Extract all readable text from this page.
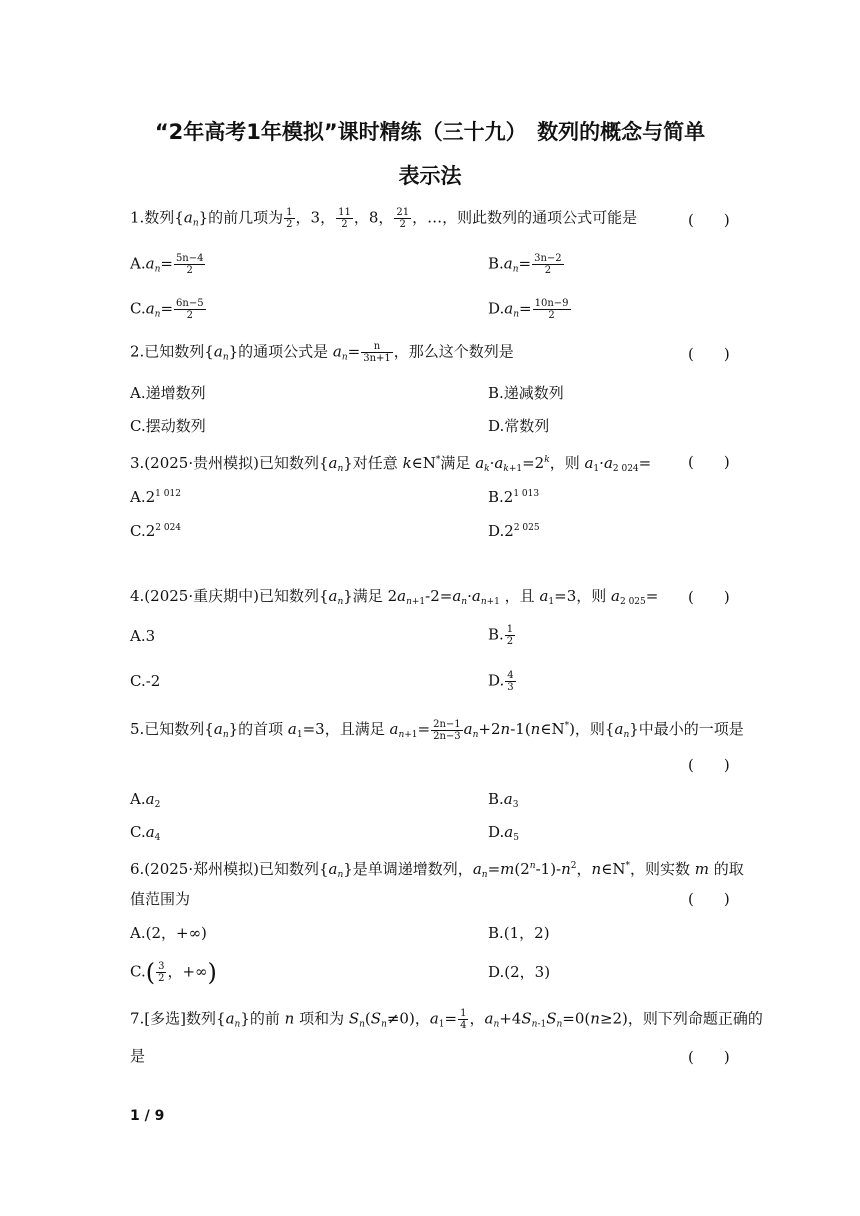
“2年高考1年模拟”课时精练（三十九）　数列的概念与简单
表示法
1.数列$\{a_n\}$的前几项为 $\frac{1}{2}$ ，3， $\frac{11}{2}$ ，8， $\frac{21}{2}$ ，…，则此数列的通项公式可能是	(　　)
$A.a_n= \frac{5n-4}{2}$	$B.a_n= \frac{3n-2}{2}$
$C.a_n= \frac{6n-5}{2}$	$D.a_n= \frac{10n-9}{2}$
2.已知数列$\{a_n\}$的通项公式是 $a_n= \frac{n}{3n+1}$ ，那么这个数列是	(　　)
A.递增数列	B.递减数列
C.摆动数列	D.常数列
3.(2025·贵州模拟)已知数列$\{a_n\}$对任意 k∈N*满足 $a_k\cdot a_{k+1}=2^k$，则 $a_1\cdot a_{2 024}=$ (　　)
$A.2^{1 012}$	$B.2^{1 013}$
$C.2^{2 024}$	$D.2^{2 025}$
4.(2025·重庆期中)已知数列$\{a_n\}$满足 $2a_{n+1}-2=a_n\cdot a_{n+1}$ ，且 $a_1=3$，则 $a_{2 025}=$ (　　)
A.3	B. $\frac{1}{2}$
C.-2	D. $\frac{4}{3}$
5.已知数列$\{a_n\}$的首项 $a_1=3$，且满足 $a_{n+1}= \frac{2n-1}{2n-3}$ $a_n+2n-1(n\in N^*)$，则$\{a_n\}$中最小的一项是
(　　)
$A.a_2$	$B.a_3$
$C.a_4$	$D.a_5$
6.(2025·郑州模拟)已知数列$\{a_n\}$是单调递增数列，$a_n=m(2^n-1)-n^2$，n∈N*，则实数 m 的取
值范围为	(　　)
A.(2，+∞)	B.(1，2)
$C.( \frac{3}{2}$ ，+∞)	D.(2，3)
7.[多选]数列$\{a_n\}$的前 n 项和为 $S_n(S_n\ne 0)$，$a_1= \frac{1}{4}$ ，$a_n+4S_{n-1}S_n=0(n\ge 2)$，则下列命题正确的
是	(　　)
1 / 9
